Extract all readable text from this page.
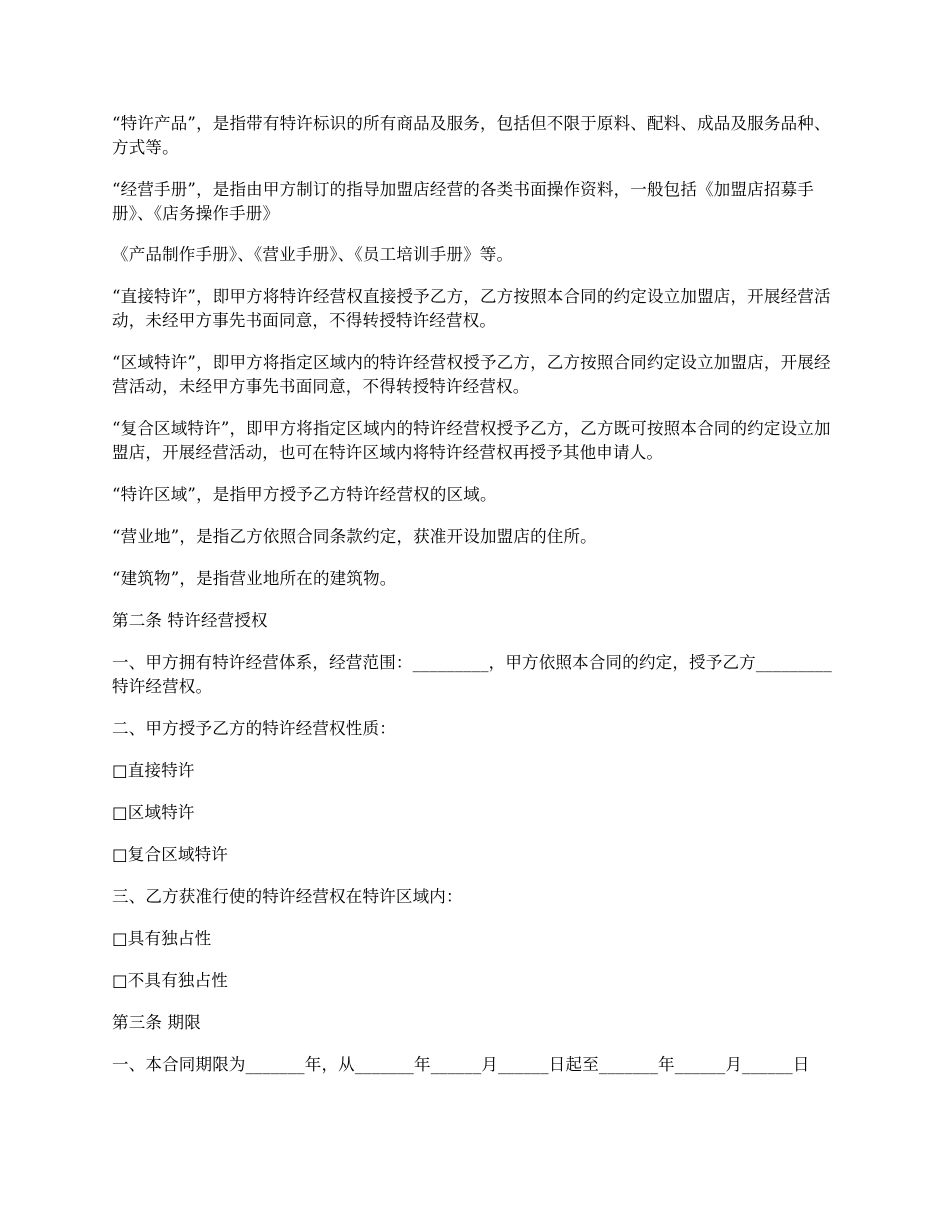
“特许产品”，是指带有特许标识的所有商品及服务，包括但不限于原料、配料、成品及服务品种、方式等。

“经营手册”，是指由甲方制订的指导加盟店经营的各类书面操作资料，一般包括《加盟店招募手册》、《店务操作手册》

《产品制作手册》、《营业手册》、《员工培训手册》等。

“直接特许”，即甲方将特许经营权直接授予乙方，乙方按照本合同的约定设立加盟店，开展经营活动，未经甲方事先书面同意，不得转授特许经营权。

“区域特许”，即甲方将指定区域内的特许经营权授予乙方，乙方按照合同约定设立加盟店，开展经营活动，未经甲方事先书面同意，不得转授特许经营权。

“复合区域特许”，即甲方将指定区域内的特许经营权授予乙方，乙方既可按照本合同的约定设立加盟店，开展经营活动，也可在特许区域内将特许经营权再授予其他申请人。

“特许区域”，是指甲方授予乙方特许经营权的区域。

“营业地”，是指乙方依照合同条款约定，获准开设加盟店的住所。

“建筑物”，是指营业地所在的建筑物。

第二条 特许经营授权

一、甲方拥有特许经营体系，经营范围：_________，甲方依照本合同的约定，授予乙方_________特许经营权。

二、甲方授予乙方的特许经营权性质：

□直接特许

□区域特许

□复合区域特许

三、乙方获准行使的特许经营权在特许区域内：

□具有独占性

□不具有独占性

第三条 期限

一、本合同期限为_______年，从_______年______月______日起至_______年______月______日
